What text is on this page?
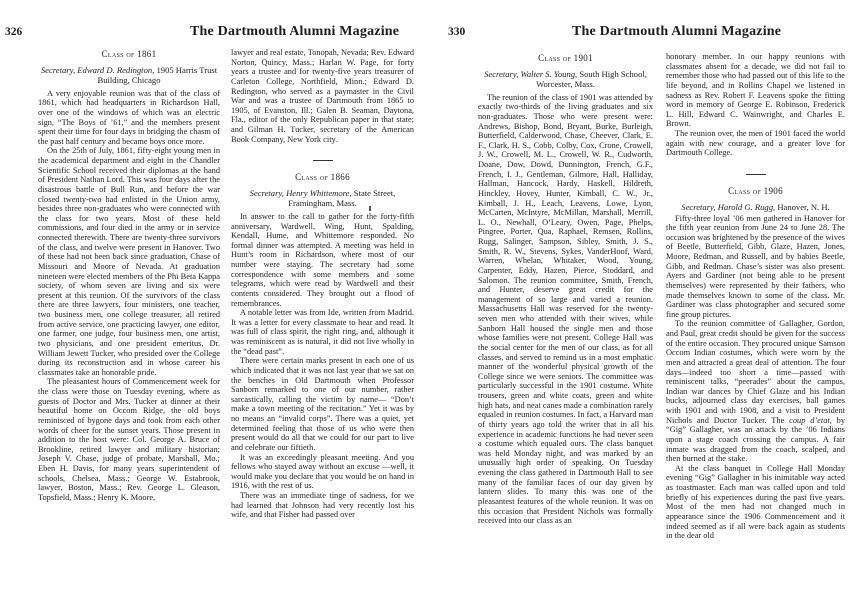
326	The Dartmouth Alumni Magazine
Class of 1861
Secretary, Edward D. Redington, 1905 Harris Trust Building, Chicago

A very enjoyable reunion was that of the class of 1861, which had headquarters in Richardson Hall, over one of the windows of which was an electric sign, “The Boys of ’61,” and the members present spent their time for four days in bridging the chasm of the past half century and became boys once more.

On the 25th of July, 1861, fifty-eight young men in the academical department and eight in the Chandler Scientific School received their diplomas at the hand of President Nathan Lord. This was four days after the disastrous battle of Bull Run, and before the war closed twenty-two had enlisted in the Union army, besides three non-graduates who were connected with the class for two years. Most of these held commissions, and four died in the army or in service connected therewith. There are twenty-three survivors of the class, and twelve were present in Hanover. Two of these had not been back since graduation, Chase of Missouri and Moore of Nevada. At graduation nineteen were elected members of the Phi Beta Kappa society, of whom seven are living and six were present at this reunion. Of the survivors of the class there are three lawyers, four ministers, one teacher, two business men, one college treasurer, all retired from active service, one practicing lawyer, one editor, one farmer, one judge, four business men, one artist, two physicians, and one president emeritus, Dr. William Jewett Tucker, who presided over the College during its reconstruction and in whose career his classmates take an honorable pride.

The pleasantest hours of Commencement week for the class were those on Tuesday evening, where as guests of Doctor and Mrs. Tucker at dinner at their beautiful home on Occom Ridge, the old boys reminisced of bygone days and took from each other words of cheer for the sunset years. Those present in addition to the host were: Col. George A. Bruce of Brookline, retired lawyer and military historian; Joseph V. Chase, judge of probate, Marshall, Mo.; Eben H. Davis, for many years superintendent of schools, Chelsea, Mass.; George W. Estabrook, lawyer, Boston, Mass.; Rev. George L. Gleason, Topsfield, Mass.; Henry K. Moore,

lawyer and real estate, Tonopah, Nevada; Rev. Edward Norton, Quincy, Mass.; Harlan W. Page, for forty years a trustee and for twenty-five years treasurer of Carleton College, Northfield, Minn.; Edward D. Redington, who served as a paymaster in the Civil War and was a trustee of Dartmouth from 1865 to 1905, of Evanston, Ill.; Galen B. Seaman, Daytona, Fla., editor of the only Republican paper in that state; and Gilman H. Tucker, secretary of the American Book Company, New York city.

Class of 1866
Secretary, Henry Whittemore, State Street, Framingham, Mass.

In answer to the call to gather for the forty-fifth anniversary, Wardwell, Wing, Hunt, Spalding, Kendall, Hume, and Whittemore responded. No formal dinner was attempted. A meeting was held in Hunt’s room in Richardson, where most of our number were staying. The secretary had some correspondence with some members and some telegrams, which were read by Wardwell and their contents considered. They brought out a flood of remembrances.

A notable letter was from Ide, written from Madrid. It was a letter for every classmate to hear and read. It was full of class spirit, the right ring, and, although it was reminiscent as is natural, it did not live wholly in the “dead past”.

There were certain marks present in each one of us which indicated that it was not last year that we sat on the benches in Old Dartmouth when Professor Sanborn remarked to one of our number, rather sarcastically, calling the victim by name— “Don’t make a town meeting of the recitation.” Yet it was by no means an “invalid corps”. There was a quiet, yet determined feeling that those of us who were then present would do all that we could for our part to live and celebrate our fiftieth.

It was an exceedingly pleasant meeting. And you fellows who stayed away without an excuse —well, it would make you declare that you would be on hand in 1916, with the rest of us.

There was an immediate tinge of sadness, for we had learned that Johnson had very recently lost his wife, and that Fisher had passed over

330	The Dartmouth Alumni Magazine
Class of 1901
Secretary, Walter S. Young, South High School, Worcester, Mass.

The reunion of the class of 1901 was attended by exactly two-thirds of the living graduates and six non-graduates. Those who were present were: Andrews, Bishop, Bond, Bryant, Burke, Burleigh, Butterfield, Calderwood, Chase, Cheever, Clark, E. F., Clark, H. S., Cobb, Colby, Cox, Crone, Crowell, J. W., Crowell, M. L., Crowell, W. R., Cudworth, Doane, Dow, Dowd, Dunnington, French, G.F., French, I. J., Gentleman, Gilmore, Hall, Halliday, Hallman, Hancock, Hardy, Haskell, Hildreth, Hinckley, Hovey, Hunter, Kimball, C. W., Jr., Kimball, J. H., Leach, Leavens, Lowe, Lyon, McCarten, McIntyre, McMillan, Marshall, Merrill, L. O., Newhall, O’Leary, Owen, Page, Phelps, Pingree, Porter, Qua, Raphael, Remsen, Rollins, Rugg, Salinger, Sampson, Sibley, Smith, J. S., Smith, R. W., Stevens, Sykes, VanderHoof, Ward, Warren, Whelan, Whitaker, Wood, Young, Carpenter, Eddy, Hazen, Pierce, Stoddard, and Salomon. The reunion committee, Smith, French, and Hunter, deserve great credit for the management of so large and varied a reunion. Massachusetts Hall was reserved for the twenty-seven men who attended with their wives, while Sanborn Hall housed the single men and those whose families were not present. College Hall was the social center for the men of our class, as for all classes, and served to remind us in a most emphatic manner of the wonderful physical growth of the College since we were seniors. The committee was particularly successful in the 1901 costume. White trousers, green and white coats, green and white high hats, and neat canes made a combination rarely equaled in reunion costumes. In fact, a Harvard man of thirty years ago told the writer that in all his experience in academic functions he had never seen a costume which equaled ours. The class banquet was held Monday night, and was marked by an unusually high order of speaking. On Tuesday evening the class gathered in Dartmouth Hall to see many of the familiar faces of our day given by lantern slides. To many this was one of the pleasantest features of the whole reunion. It was on this occasion that President Nichols was formally received into our class as an

honorary member. In our happy reunions with classmates absent for a decade, we did not fail to remember those who had passed out of this life to the life beyond, and in Rollins Chapel we listened in sadness as Rev. Robert F. Leavens spoke the fitting word in memory of George E. Robinson, Frederick L. Hill, Edward C. Wainwright, and Charles E. Brown.

The reunion over, the men of 1901 faced the world again with new courage, and a greater love for Dartmouth College.

Class of 1906
Secretary, Harold G. Rugg, Hanover, N. H.

Fifty-three loyal ’06 men gathered in Hanover for the fifth year reunion from June 24 to June 28. The occasion was brightened by the presence of the wives of Beetle, Butterfield, Gibb, Glaze, Hazen, Jones, Moore, Redman, and Russell, and by babies Beetle, Gibb, and Redman. Chase’s sister was also present. Ayers and Gardiner (not being able to be present themselves) were represented by their fathers, who made themselves known to some of the class. Mr. Gardiner was class photographer and secured some fine group pictures.

To the reunion committee of Gallagher, Gordon, and Paul, great credit should be given for the success of the entire occasion. They procured unique Samson Occom Indian costumes, which were worn by the men and attracted a great deal of attention. The four days—indeed too short a time—passed with reminiscent talks, “peerades” about the campus, Indian war dances by Chief Glaze and his Indian bucks, adjourned class day exercises, ball games with 1901 and with 1908, and a visit to President Nichols and Doctor Tucker. The coup d’etat, by “Gig” Gallagher, was an attack by the ’06 Indians upon a stage coach crossing the campus. A fair inmate was dragged from the coach, scalped, and then burned at the stake.

At the class banquet in College Hall Monday evening “Gig” Gallagher in his inimitable way acted as toastmaster. Each man was called upon and told briefly of his experiences during the past five years. Most of the men had not changed much in appearance since the 1906 Commencement and it indeed seemed as if all were back again as students in the dear old
